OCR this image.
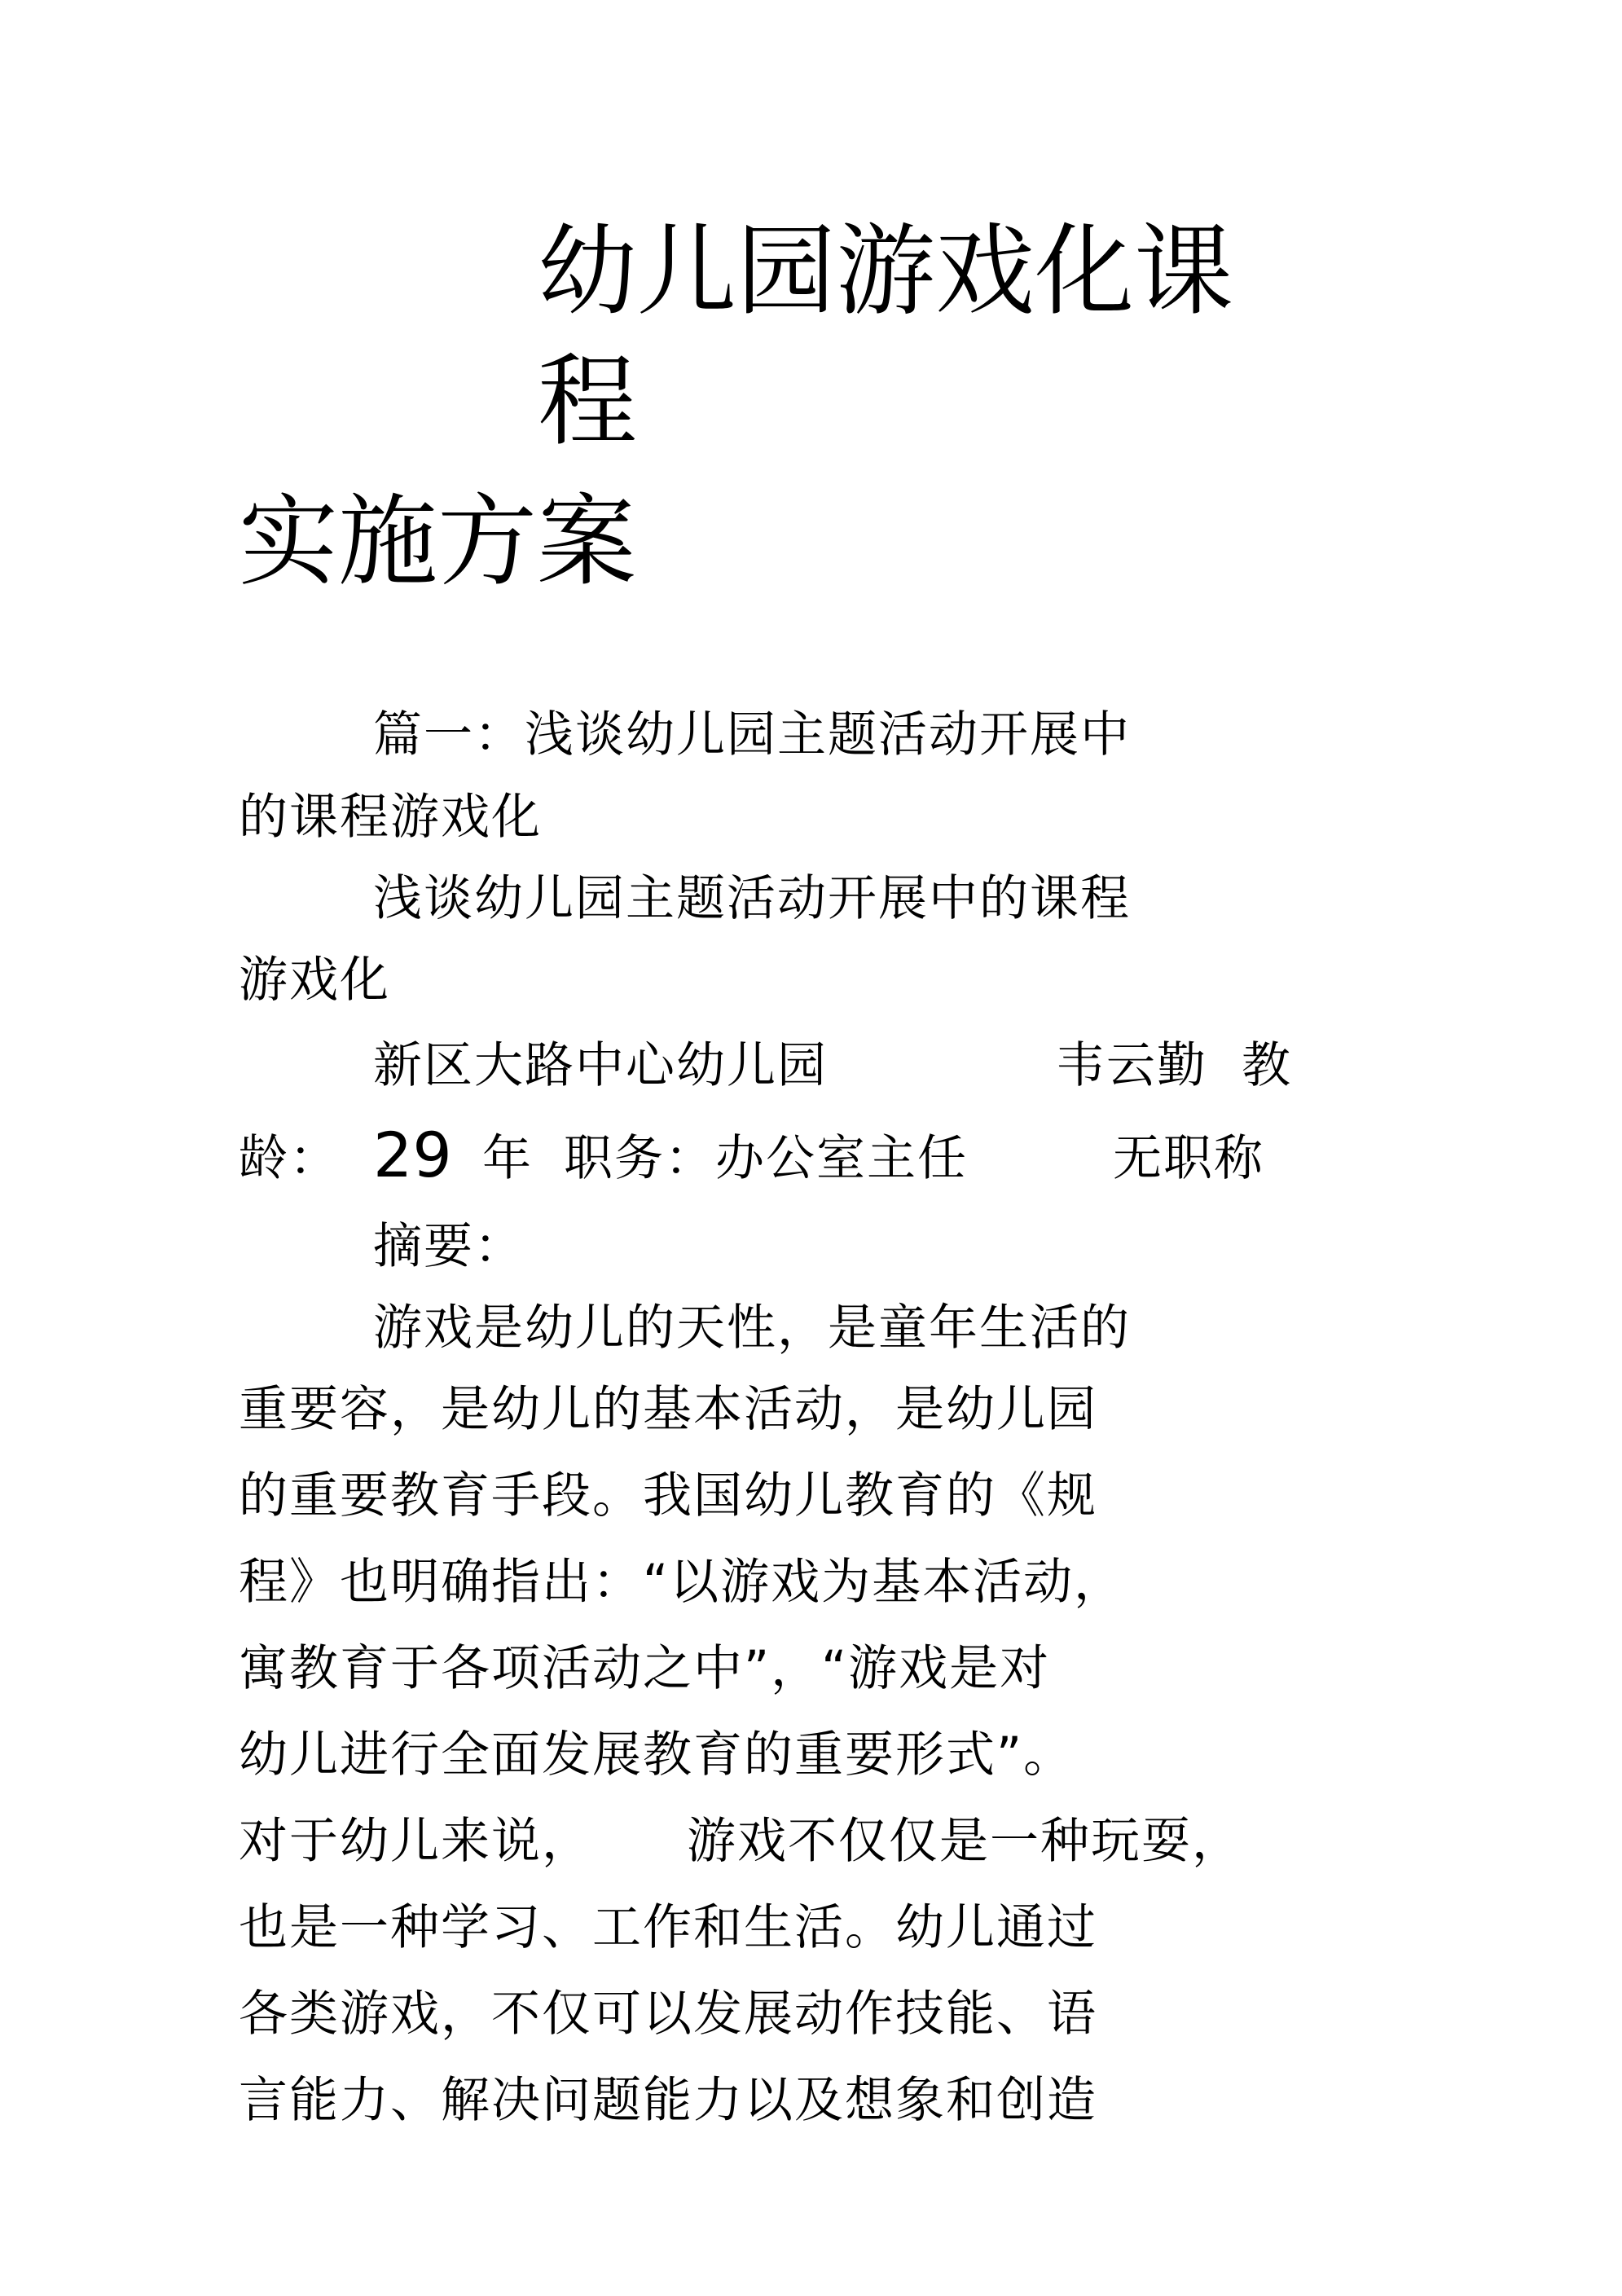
幼儿园游戏化课
程
实施方案
篇一：浅谈幼儿园主题活动开展中
的课程游戏化
浅谈幼儿园主题活动开展中的课程
游戏化
新区大路中心幼儿园	韦云勤 教
龄： 29 年 职务：办公室主任	无职称
摘要：
游戏是幼儿的天性，是童年生活的
重要容，是幼儿的基本活动，是幼儿园
的重要教育手段。我国幼儿教育的《规
程》也明确指出：“以游戏为基本活动，
寓教育于各项活动之中”，“游戏是对
幼儿进行全面发展教育的重要形式”。
对于幼儿来说， 游戏不仅仅是一种玩耍，
也是一种学习、工作和生活。幼儿通过
各类游戏，不仅可以发展动作技能、语
言能力、解决问题能力以及想象和创造
